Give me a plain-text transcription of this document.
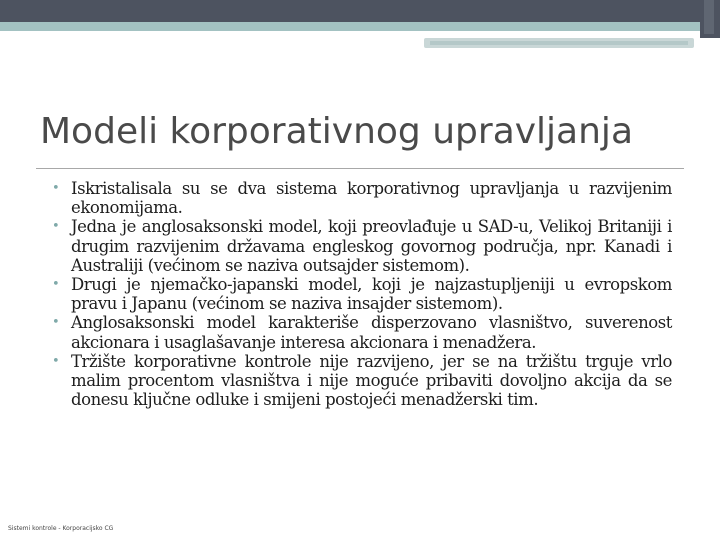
Modeli korporativnog upravljanja
• Iskristalisala su se dva sistema korporativnog upravljanja u razvijenim ekonomijama.
• Jedna je anglosaksonski model, koji preovlađuje u SAD-u, Velikoj Britaniji i drugim razvijenim državama engleskog govornog područja, npr. Kanadi i Australiji (većinom se naziva outsajder sistemom).
• Drugi je njemačko-japanski model, koji je najzastupljeniji u evropskom pravu i Japanu (većinom se naziva insajder sistemom).
• Anglosaksonski model karakteriše disperzovano vlasništvo, suverenost akcionara i usaglašavanje interesa akcionara i menadžera.
• Tržište korporativne kontrole nije razvijeno, jer se na tržištu trguje vrlo malim procentom vlasništva i nije moguće pribaviti dovoljno akcija da se donesu ključne odluke i smijeni postojeći menadžerski tim.
Sistemi kontrole - Korporacijsko CG
